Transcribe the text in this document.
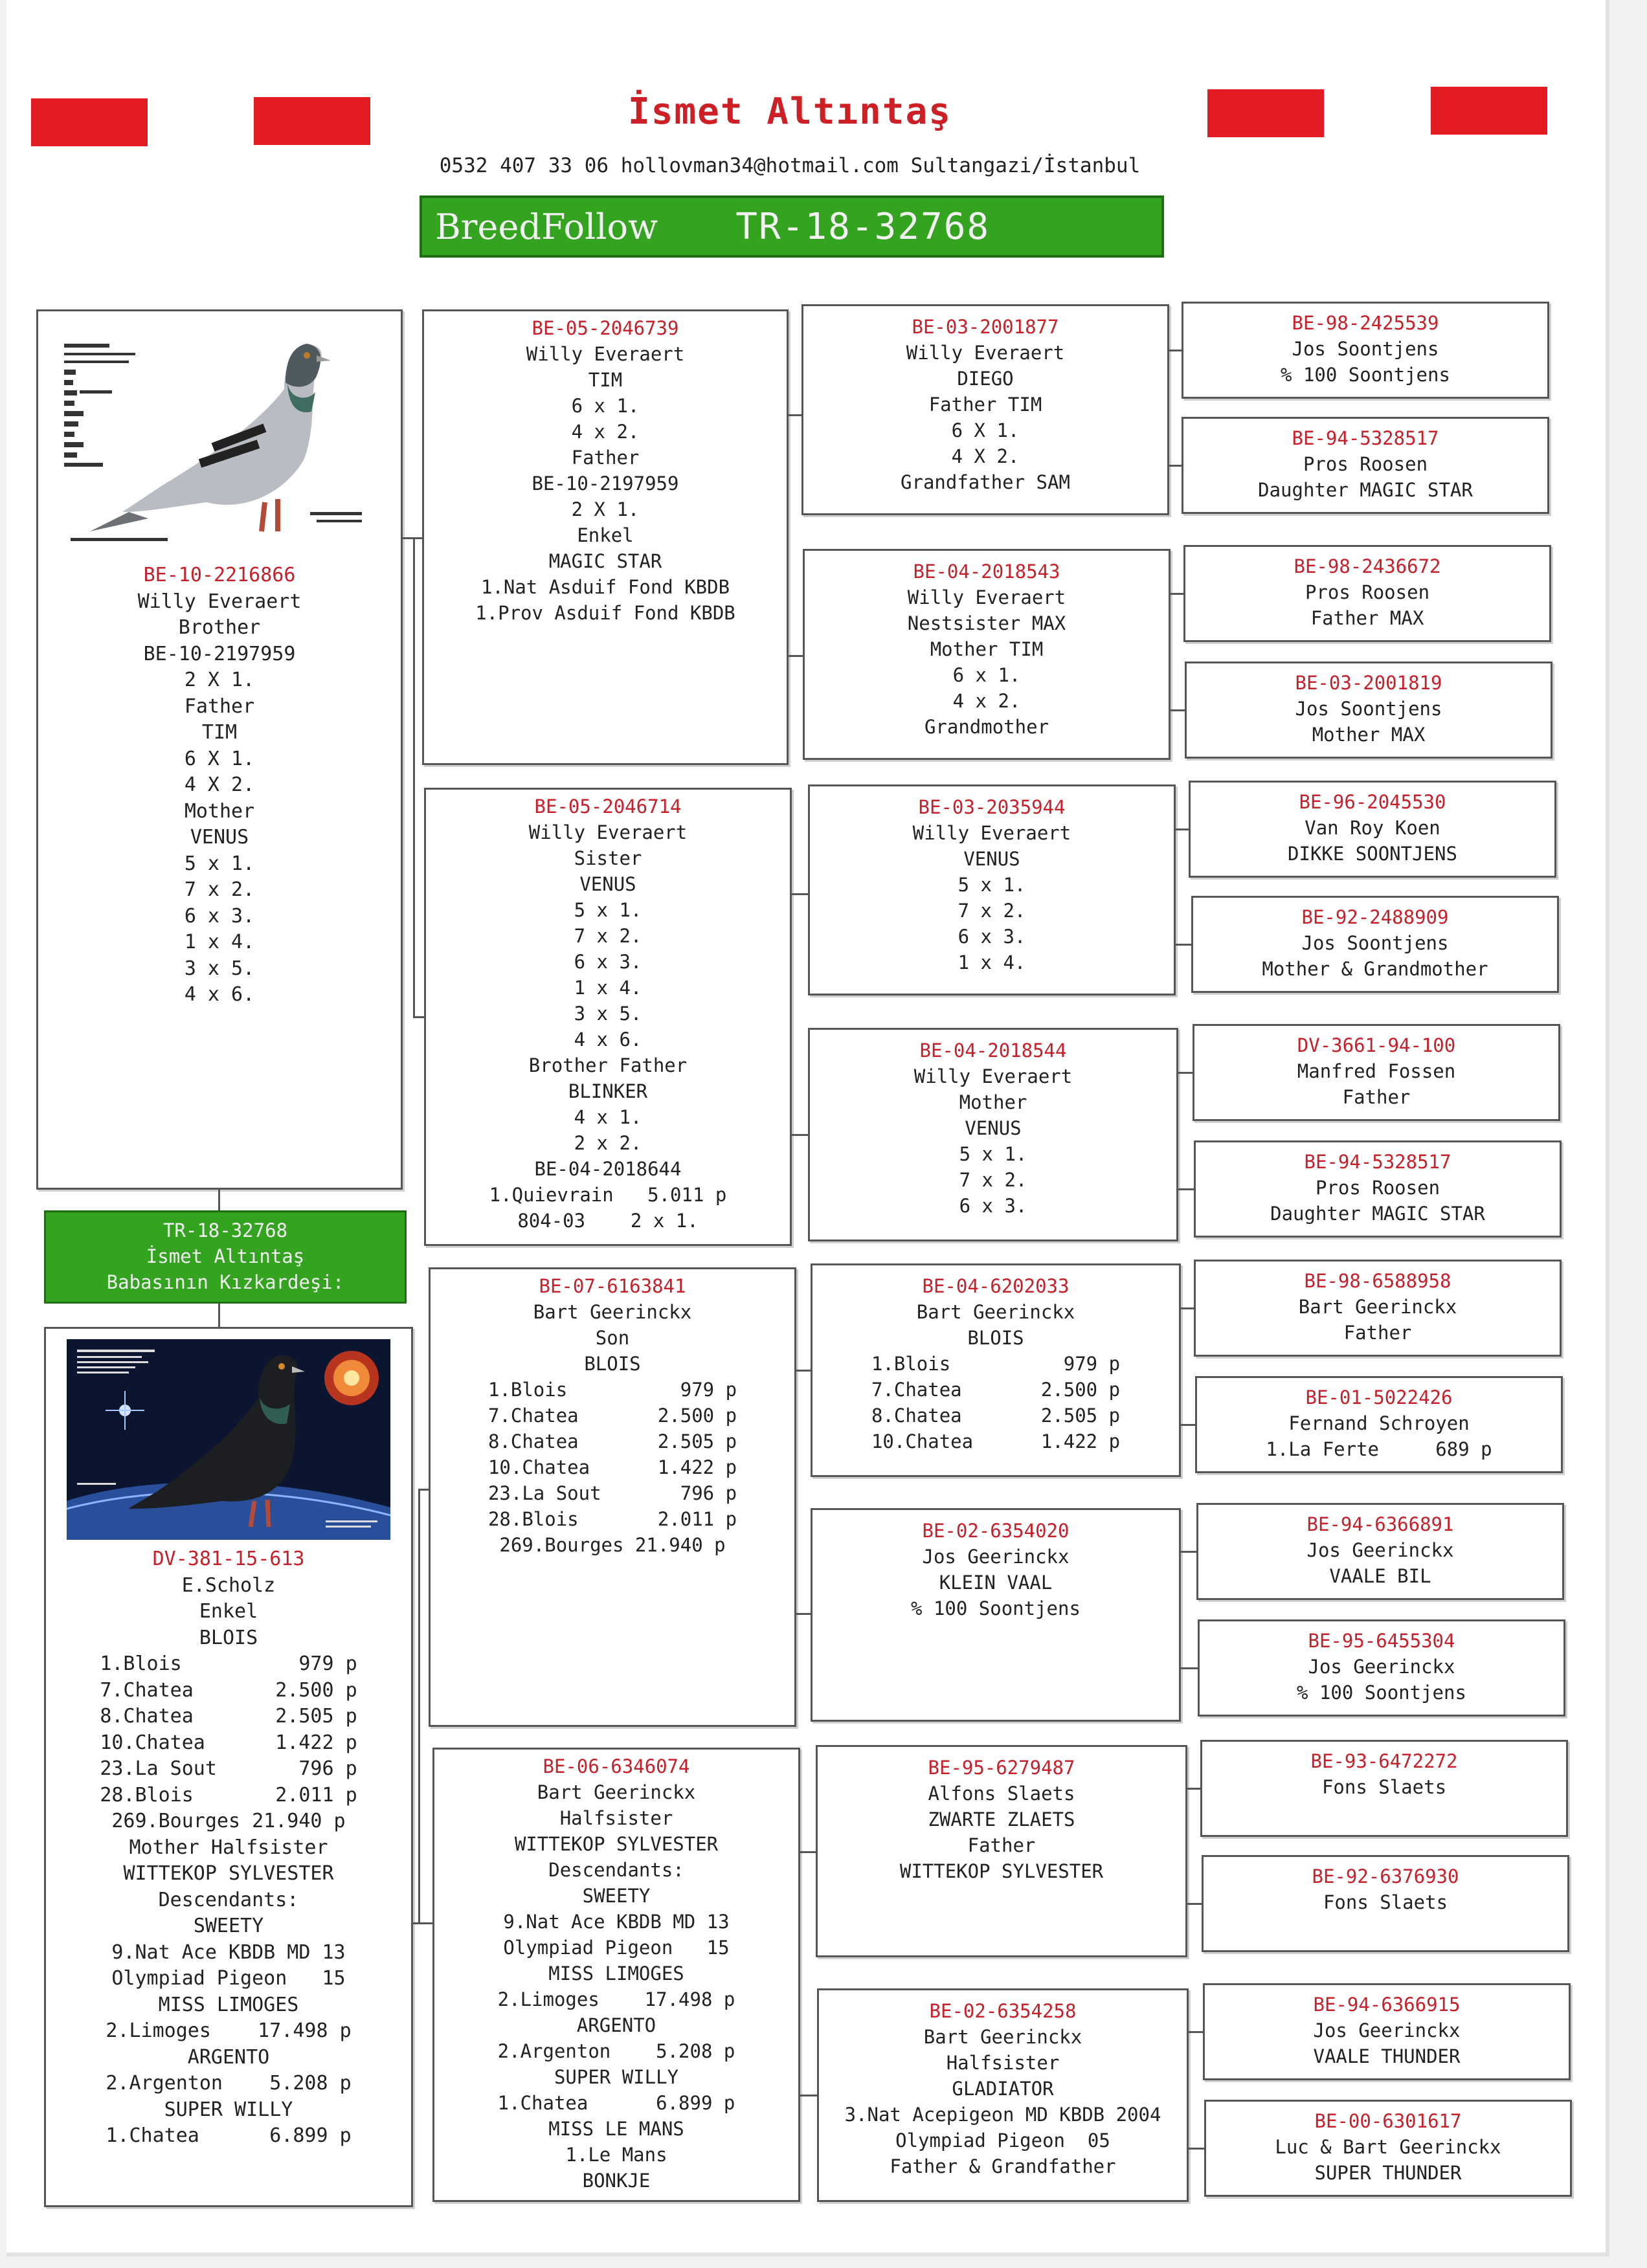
İsmet Altıntaş
0532 407 33 06 hollovman34@hotmail.com Sultangazi/İstanbul
BreedFollow TR-18-32768
BE-10-2216866
Willy Everaert
Brother
BE-10-2197959
2 X 1.
Father
TIM
6 X 1.
4 X 2.
Mother
VENUS
5 x 1.
7 x 2.
6 x 3.
1 x 4.
3 x 5.
4 x 6.
TR-18-32768
İsmet Altıntaş
Babasının Kızkardeşi:
DV-381-15-613
E.Scholz
Enkel
BLOIS
1.Blois          979 p
7.Chatea       2.500 p
8.Chatea       2.505 p
10.Chatea      1.422 p
23.La Sout       796 p
28.Blois       2.011 p
269.Bourges 21.940 p
Mother Halfsister
WITTEKOP SYLVESTER
Descendants:
SWEETY
9.Nat Ace KBDB MD 13
Olympiad Pigeon   15
MISS LIMOGES
2.Limoges    17.498 p
ARGENTO
2.Argenton    5.208 p
SUPER WILLY
1.Chatea      6.899 p
BE-05-2046739
Willy Everaert
TIM
6 x 1.
4 x 2.
Father
BE-10-2197959
2 X 1.
Enkel
MAGIC STAR
1.Nat Asduif Fond KBDB
1.Prov Asduif Fond KBDB
BE-05-2046714
Willy Everaert
Sister
VENUS
5 x 1.
7 x 2.
6 x 3.
1 x 4.
3 x 5.
4 x 6.
Brother Father
BLINKER
4 x 1.
2 x 2.
BE-04-2018644
1.Quievrain   5.011 p
804-03    2 x 1.
BE-07-6163841
Bart Geerinckx
Son
BLOIS
1.Blois          979 p
7.Chatea       2.500 p
8.Chatea       2.505 p
10.Chatea      1.422 p
23.La Sout       796 p
28.Blois       2.011 p
269.Bourges 21.940 p
BE-06-6346074
Bart Geerinckx
Halfsister
WITTEKOP SYLVESTER
Descendants:
SWEETY
9.Nat Ace KBDB MD 13
Olympiad Pigeon   15
MISS LIMOGES
2.Limoges    17.498 p
ARGENTO
2.Argenton    5.208 p
SUPER WILLY
1.Chatea      6.899 p
MISS LE MANS
1.Le Mans
BONKJE
BE-03-2001877
Willy Everaert
DIEGO
Father TIM
6 X 1.
4 X 2.
Grandfather SAM
BE-04-2018543
Willy Everaert
Nestsister MAX
Mother TIM
6 x 1.
4 x 2.
Grandmother
BE-03-2035944
Willy Everaert
VENUS
5 x 1.
7 x 2.
6 x 3.
1 x 4.
BE-04-2018544
Willy Everaert
Mother
VENUS
5 x 1.
7 x 2.
6 x 3.
BE-04-6202033
Bart Geerinckx
BLOIS
1.Blois          979 p
7.Chatea       2.500 p
8.Chatea       2.505 p
10.Chatea      1.422 p
BE-02-6354020
Jos Geerinckx
KLEIN VAAL
% 100 Soontjens
BE-95-6279487
Alfons Slaets
ZWARTE ZLAETS
Father
WITTEKOP SYLVESTER
BE-02-6354258
Bart Geerinckx
Halfsister
GLADIATOR
3.Nat Acepigeon MD KBDB 2004
Olympiad Pigeon  05
Father & Grandfather
BE-98-2425539
Jos Soontjens
% 100 Soontjens
BE-94-5328517
Pros Roosen
Daughter MAGIC STAR
BE-98-2436672
Pros Roosen
Father MAX
BE-03-2001819
Jos Soontjens
Mother MAX
BE-96-2045530
Van Roy Koen
DIKKE SOONTJENS
BE-92-2488909
Jos Soontjens
Mother & Grandmother
DV-3661-94-100
Manfred Fossen
Father
BE-94-5328517
Pros Roosen
Daughter MAGIC STAR
BE-98-6588958
Bart Geerinckx
Father
BE-01-5022426
Fernand Schroyen
1.La Ferte     689 p
BE-94-6366891
Jos Geerinckx
VAALE BIL
BE-95-6455304
Jos Geerinckx
% 100 Soontjens
BE-93-6472272
Fons Slaets
BE-92-6376930
Fons Slaets
BE-94-6366915
Jos Geerinckx
VAALE THUNDER
BE-00-6301617
Luc & Bart Geerinckx
SUPER THUNDER
